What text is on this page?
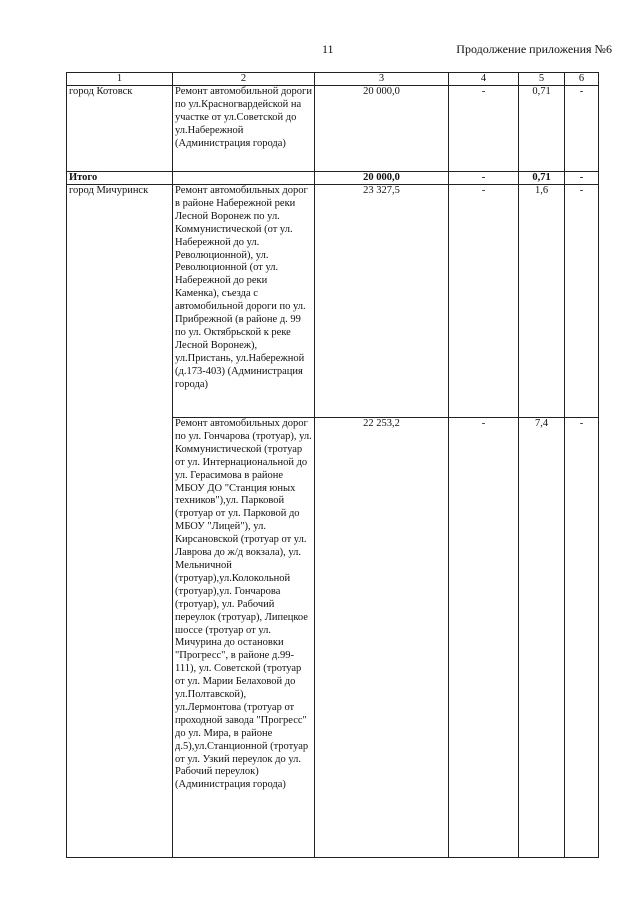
11	Продолжение приложения №6
1	2	3	4	5	6
город Котовск	Ремонт автомобильной дороги по ул.Красногвардейской на участке от ул.Советской до ул.Набережной (Администрация города)	20 000,0	-	0,71	-
Итого		20 000,0	-	0,71	-
город Мичуринск	Ремонт автомобильных дорог в районе Набережной реки Лесной Воронеж по ул. Коммунистической (от ул. Набережной до ул. Революционной), ул. Революционной (от ул. Набережной до реки Каменка), съезда с автомобильной дороги по ул. Прибрежной (в районе д. 99 по ул. Октябрьской к реке Лесной Воронеж), ул.Пристань, ул.Набережной (д.173-403) (Администрация города)	23 327,5	-	1,6	-
	Ремонт автомобильных дорог по ул. Гончарова (тротуар), ул. Коммунистической (тротуар от ул. Интернациональной до ул. Герасимова в районе МБОУ ДО "Станция юных техников"),ул. Парковой (тротуар от ул. Парковой до МБОУ "Лицей"), ул. Кирсановской (тротуар от ул. Лаврова до ж/д вокзала), ул. Мельничной (тротуар),ул.Колокольной (тротуар),ул. Гончарова (тротуар), ул. Рабочий переулок (тротуар), Липецкое шоссе (тротуар от ул. Мичурина до остановки "Прогресс", в районе д.99-111), ул. Советской (тротуар от ул. Марии Белаховой до ул.Полтавской), ул.Лермонтова (тротуар от проходной завода "Прогресс" до ул. Мира, в районе д.5),ул.Станционной (тротуар от ул. Узкий переулок до ул. Рабочий переулок) (Администрация города)	22 253,2	-	7,4	-
